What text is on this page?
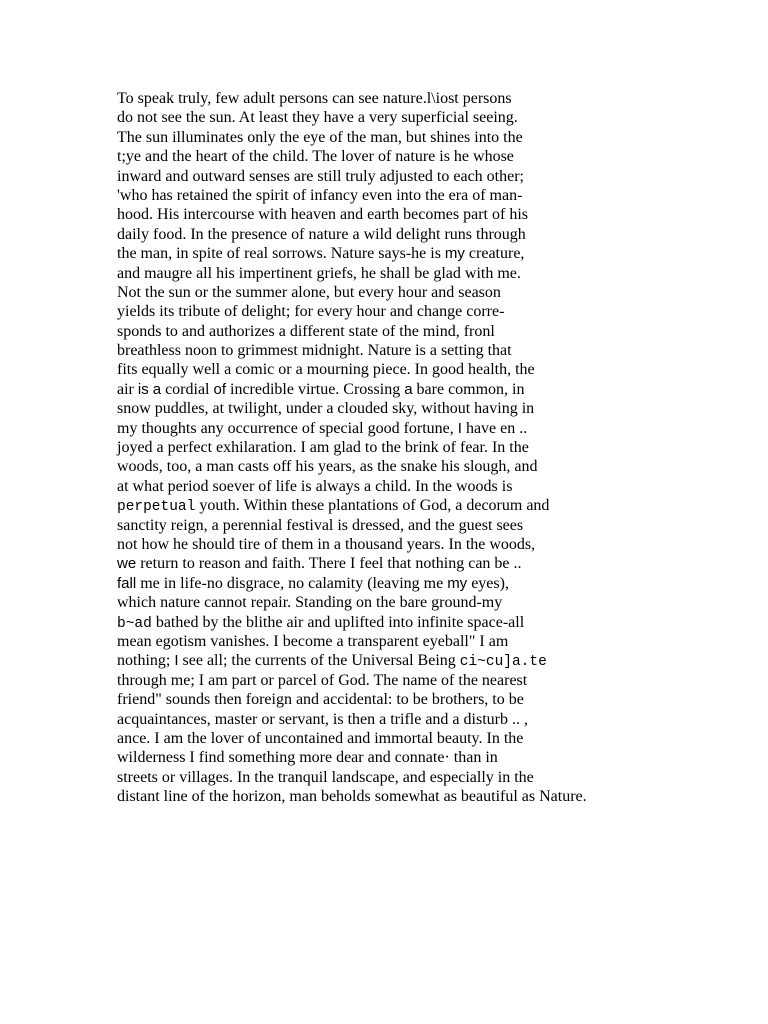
To speak truly, few adult persons can see nature.l\iost persons
do not see the sun. At least they have a very superficial seeing.
The sun illuminates only the eye of the man, but shines into the
t;ye and the heart of the child. The lover of nature is he whose
inward and outward senses are still truly adjusted to each other;
'who has retained the spirit of infancy even into the era of man-
hood. His intercourse with heaven and earth becomes part of his
daily food. In the presence of nature a wild delight runs through
the man, in spite of real sorrows. Nature says-he is my creature,
and maugre all his impertinent griefs, he shall be glad with me.
Not the sun or the summer alone, but every hour and season
yields its tribute of delight; for every hour and change corre-
sponds to and authorizes a different state of the mind, fronl
breathless noon to grimmest midnight. Nature is a setting that
fits equally well a comic or a mourning piece. In good health, the
air is a cordial of incredible virtue. Crossing a bare common, in
snow puddles, at twilight, under a clouded sky, without having in
my thoughts any occurrence of special good fortune, I have en ..
joyed a perfect exhilaration. I am glad to the brink of fear. In the
woods, too, a man casts off his years, as the snake his slough, and
at what period soever of life is always a child. In the woods is
perpetual youth. Within these plantations of God, a decorum and
sanctity reign, a perennial festival is dressed, and the guest sees
not how he should tire of them in a thousand years. In the woods,
we return to reason and faith. There I feel that nothing can be ..
fall me in life-no disgrace, no calamity (leaving me my eyes),
which nature cannot repair. Standing on the bare ground-my
b~ad bathed by the blithe air and uplifted into infinite space-all
mean egotism vanishes. I become a transparent eyeball" I am
nothing; I see all; the currents of the Universal Being ci~cu]a.te
through me; I am part or parcel of God. The name of the nearest
friend" sounds then foreign and accidental: to be brothers, to be
acquaintances, master or servant, is then a trifle and a disturb .. ,
ance. I am the lover of uncontained and immortal beauty. In the
wilderness I find something more dear and connate· than in
streets or villages. In the tranquil landscape, and especially in the
distant line of the horizon, man beholds somewhat as beautiful as Nature.
